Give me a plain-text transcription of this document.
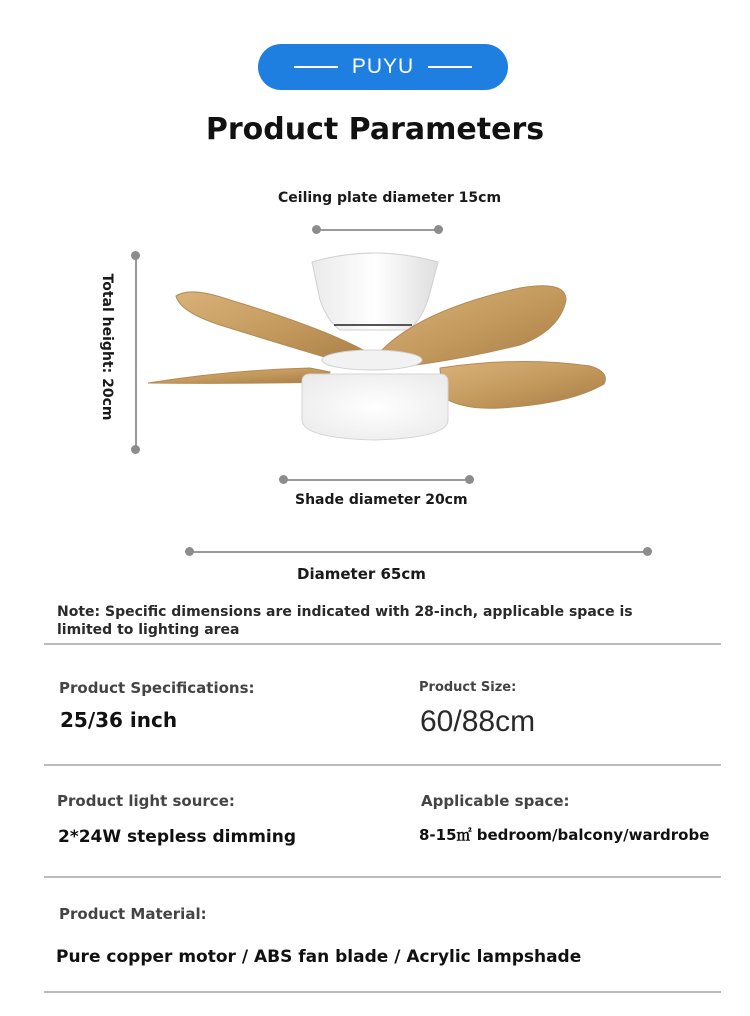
PUYU
Product Parameters
Ceiling plate diameter 15cm
Total height: 20cm
Shade diameter 20cm
Diameter 65cm
Note: Specific dimensions are indicated with 28-inch, applicable space is limited to lighting area
Product Specifications:
25/36 inch
Product Size:
60/88cm
Product light source:
2*24W stepless dimming
Applicable space:
8-15㎡ bedroom/balcony/wardrobe
Product Material:
Pure copper motor / ABS fan blade / Acrylic lampshade
